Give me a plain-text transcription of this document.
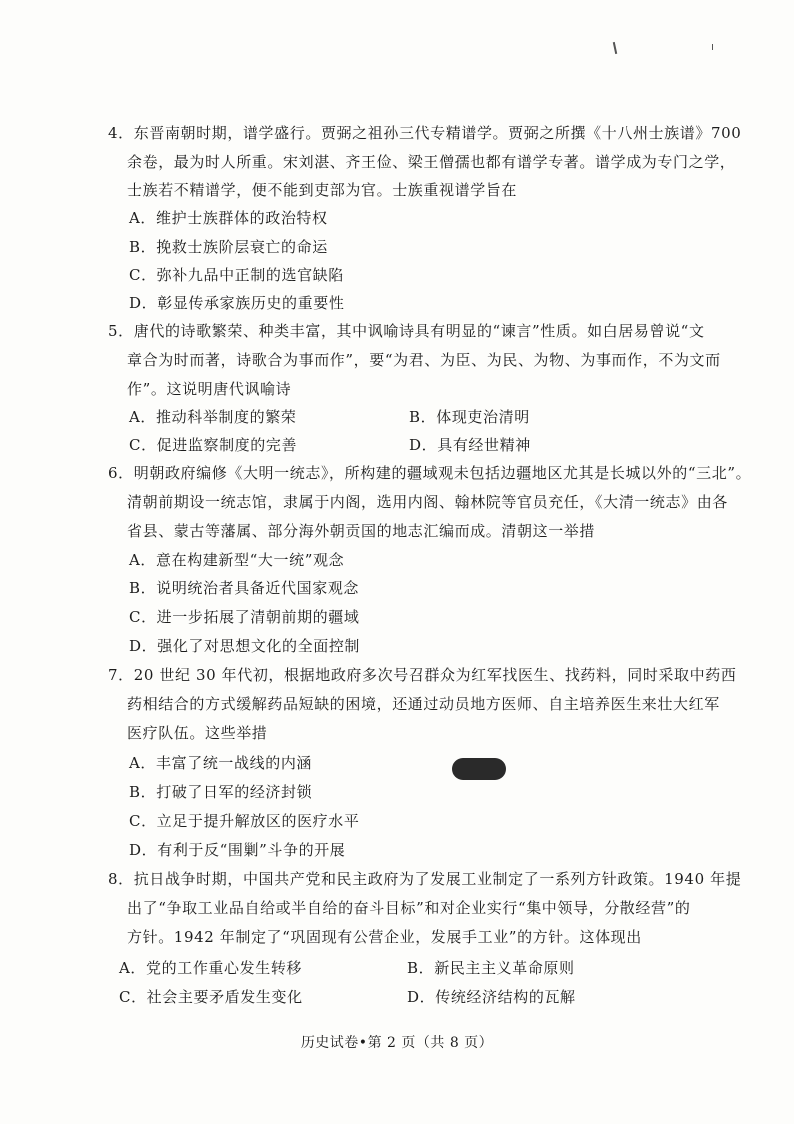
4．东晋南朝时期，谱学盛行。贾弼之祖孙三代专精谱学。贾弼之所撰《十八州士族谱》700
余卷，最为时人所重。宋刘湛、齐王俭、梁王僧孺也都有谱学专著。谱学成为专门之学，
士族若不精谱学，便不能到吏部为官。士族重视谱学旨在
A．维护士族群体的政治特权
B．挽救士族阶层衰亡的命运
C．弥补九品中正制的选官缺陷
D．彰显传承家族历史的重要性
5．唐代的诗歌繁荣、种类丰富，其中讽喻诗具有明显的“谏言”性质。如白居易曾说“文
章合为时而著，诗歌合为事而作”，要“为君、为臣、为民、为物、为事而作，不为文而
作”。这说明唐代讽喻诗
A．推动科举制度的繁荣	B．体现吏治清明
C．促进监察制度的完善	D．具有经世精神
6．明朝政府编修《大明一统志》，所构建的疆域观未包括边疆地区尤其是长城以外的“三北”。
清朝前期设一统志馆，隶属于内阁，选用内阁、翰林院等官员充任，《大清一统志》由各
省县、蒙古等藩属、部分海外朝贡国的地志汇编而成。清朝这一举措
A．意在构建新型“大一统”观念
B．说明统治者具备近代国家观念
C．进一步拓展了清朝前期的疆域
D．强化了对思想文化的全面控制
7．20 世纪 30 年代初，根据地政府多次号召群众为红军找医生、找药料，同时采取中药西
药相结合的方式缓解药品短缺的困境，还通过动员地方医师、自主培养医生来壮大红军
医疗队伍。这些举措
A．丰富了统一战线的内涵
B．打破了日军的经济封锁
C．立足于提升解放区的医疗水平
D．有利于反“围剿”斗争的开展
8．抗日战争时期，中国共产党和民主政府为了发展工业制定了一系列方针政策。1940 年提
出了“争取工业品自给或半自给的奋斗目标”和对企业实行“集中领导，分散经营”的
方针。1942 年制定了“巩固现有公营企业，发展手工业”的方针。这体现出
A．党的工作重心发生转移	B．新民主主义革命原则
C．社会主要矛盾发生变化	D．传统经济结构的瓦解
历史试卷•第 2 页（共 8 页）
